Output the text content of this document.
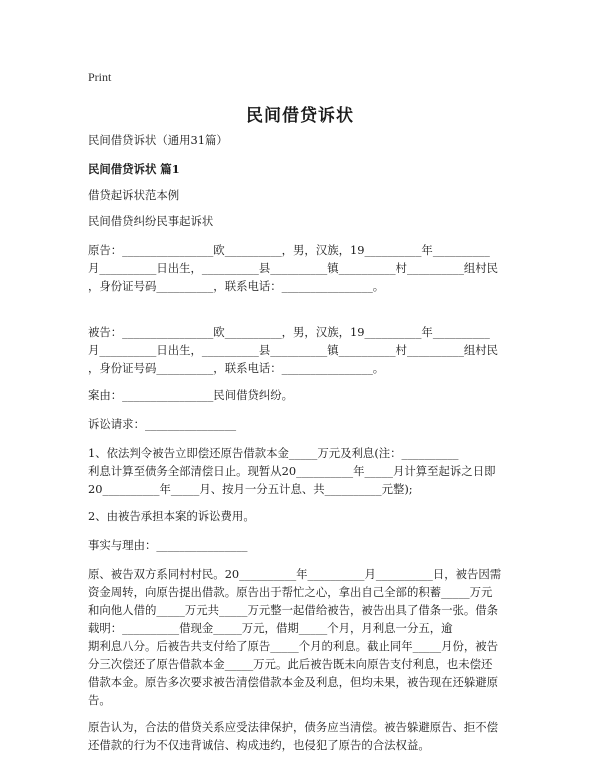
Print
民间借贷诉状
民间借贷诉状（通用31篇）
民间借贷诉状 篇1
借贷起诉状范本例
民间借贷纠纷民事起诉状
原告：________________欧__________，男，汉族，19__________年__________
月__________日出生，__________县__________镇__________村__________组村民
，身份证号码__________，联系电话：________________。
被告：________________欧__________，男，汉族，19__________年__________
月__________日出生，__________县__________镇__________村__________组村民
，身份证号码__________，联系电话：________________。
案由：________________民间借贷纠纷。
诉讼请求：________________
1、依法判令被告立即偿还原告借款本金_____万元及利息(注：__________
利息计算至债务全部清偿日止。现暂从20__________年_____月计算至起诉之日即
20__________年_____月、按月一分五计息、共__________元整);
2、由被告承担本案的诉讼费用。
事实与理由：________________
原、被告双方系同村村民。20__________年__________月__________日，被告因需
资金周转，向原告提出借款。原告出于帮忙之心，拿出自己全部的积蓄_____万元
和向他人借的_____万元共_____万元整一起借给被告，被告出具了借条一张。借条
载明：__________借现金_____万元，借期_____个月，月利息一分五，逾
期利息八分。后被告共支付给了原告_____个月的利息。截止同年_____月份，被告
分三次偿还了原告借款本金_____万元。此后被告既未向原告支付利息，也未偿还
借款本金。原告多次要求被告清偿借款本金及利息，但均未果，被告现在还躲避原
告。
原告认为，合法的借贷关系应受法律保护，债务应当清偿。被告躲避原告、拒不偿
还借款的行为不仅违背诚信、构成违约，也侵犯了原告的合法权益。
